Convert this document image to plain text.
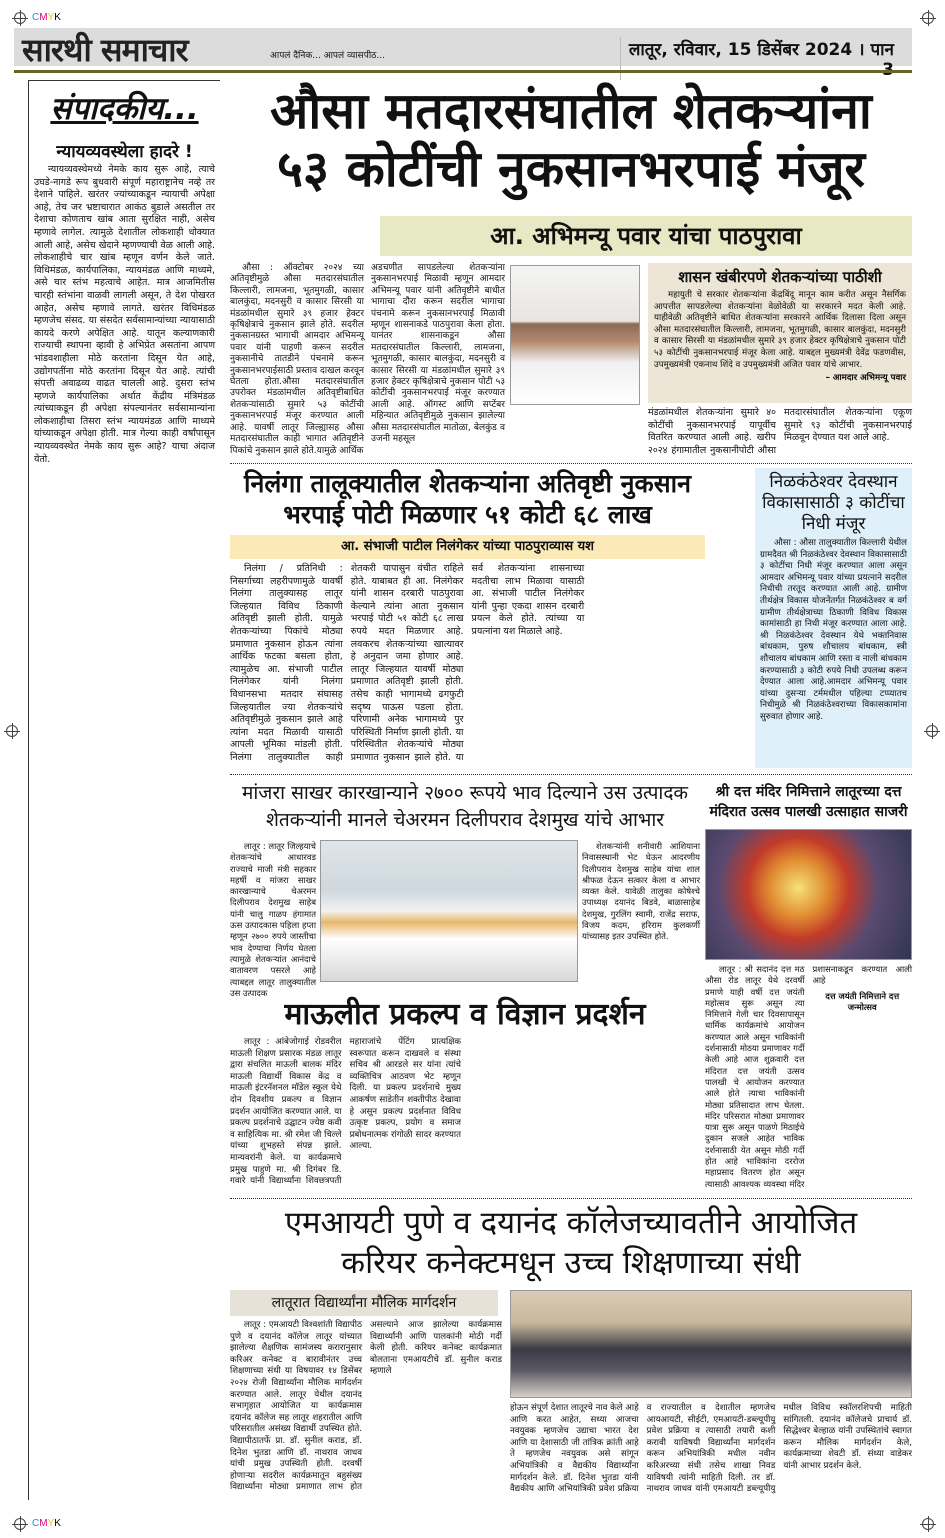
CMYK
CMYK
सारथी समाचार	आपलं दैनिक... आपलं व्यासपीठ...	लातूर, रविवार, 15 डिसेंबर 2024 । पान
संपादकीय...
न्यायव्यवस्थेला हादरे !

न्यायव्यवस्थेमध्ये नेमके काय सुरू आहे, त्याचे उघडे-नागडे रूप बुधवारी संपूर्ण महाराष्ट्रानेच नव्हे तर देशाने पाहिले. खरंतर ज्यांच्याकडून न्यायाची अपेक्षा आहे, तेच जर भ्रष्टाचारात आकंठ बुडाले असतील तर देशाचा कोणताच खांब आता सुरक्षित नाही, असेच म्हणावे लागेल. त्यामुळे देशातील लोकशाही धोक्यात आली आहे, असेच खेदाने म्हणण्याची वेळ आली आहे. लोकशाहीचे चार खांब म्हणून वर्णन केले जाते. विधिमंडळ, कार्यपालिका, न्यायमंडळ आणि माध्यमे, असे चार स्तंभ महत्वाचे आहेत. मात्र आजमितीस चारही स्तंभांना वाळवी लागली असून, ते देश पोखरत आहेत, असेच म्हणावे लागते. खरंतर विधिमंडळ म्हणजेच संसद. या संसदेत सर्वसामान्यांच्या न्यायासाठी कायदे करणे अपेक्षित आहे. यातून कल्याणकारी राज्याची स्थापना व्हावी हे अभिप्रेत असतांना आपण भांडवशाहीला मोठे करतांना दिसून येत आहे, उद्योगपतींना मोठे करतांना दिसून येत आहे. त्यांची संपत्ती अवाढव्य वाढत चालली आहे. दुसरा स्तंभ म्हणजे कार्यपालिका अर्थात केंद्रीय मंत्रिमंडळ त्यांच्याकडून ही अपेक्षा संपल्यानंतर सर्वसामान्यांना लोकशाहीचा तिसरा स्तंभ न्यायमंडळ आणि माध्यमे यांच्याकडून अपेक्षा होती. मात्र गेल्या काही वर्षांपासून न्यायव्यवस्थेत नेमके काय सुरू आहे? याचा अंदाज येतो.

औसा मतदारसंघातील शेतकऱ्यांना
५३ कोटींची नुकसानभरपाई मंजूर
आ. अभिमन्यू पवार यांचा पाठपुरावा
औसा : ऑक्टोबर २०२४ च्या अतिवृष्टीमुळे औसा मतदारसंघातील किल्लारी, लामजना, भूतमुगळी, कासार बालकुंदा, मदनसुरी व कासार सिरसी या मंडळांमधील सुमारे ३९ हजार हेक्टर कृषिक्षेत्राचे नुकसान झाले होते. सदरील नुकसानग्रस्त भागाची आमदार अभिमन्यू पवार यांनी पाहणी करून सदरील नुकसानीचे तातडीने पंचनामे करून नुकसानभरपाईसाठी प्रस्ताव दाखल करवून घेतला होता.औसा मतदारसंघातील उपरोक्त मंडळांमधील अतिवृष्टीबाधित शेतकऱ्यांसाठी सुमारे ५३ कोटींची नुकसानभरपाई मंजूर करण्यात आली आहे. यावर्षी लातूर जिल्ह्यासह औसा मतदारसंघातील काही भागात अतिवृष्टीने पिकांचे नुकसान झाले होते.यामुळे आर्थिक
अडचणीत सापडलेल्या शेतकऱ्यांना नुकसानभरपाई मिळावी म्हणून आमदार अभिमन्यू पवार यांनी अतिवृष्टीने बाधीत भागाचा दौरा करून सदरील भागाचा पंचनामे करून नुकसानभरपाई मिळावी म्हणून शासनाकडे पाठपुरावा केला होता. यानंतर शासनाकडून औसा मतदारसंघातील किल्लारी, लामजना, भूतमुगळी, कासार बालकुंदा, मदनसुरी व कासार सिरसी या मंडळांमधील सुमारे ३९ हजार हेक्टर कृषिक्षेत्राचे नुकसान पोटी ५३ कोटींची नुकसानभरपाई मंजूर करण्यात आली आहे. ऑगस्ट आणि सप्टेंबर महिन्यात अतिवृष्टीमुळे नुकसान झालेल्या औसा मतदारसंघातील मातोळा, बेलकुंड व उजनी महसूल
शासन खंबीरपणे शेतकऱ्यांच्या पाठीशी

महायुती चे सरकार शेतकऱ्यांना केंद्रबिंदू मानून काम करीत असून नैसर्गिक आपत्तीत सापडलेल्या शेतकऱ्यांना वेळोवेळी या सरकारने मदत केली आहे. याहीवेळी अतिवृष्टीने बाधित शेतकऱ्यांना सरकारने आर्थिक दिलासा दिला असून औसा मतदारसंघातील किल्लारी, लामजना, भूतमुगळी, कासार बालकुंदा, मदनसुरी व कासार सिरसी या मंडळांमधील सुमारे ३९ हजार हेक्टर कृषिक्षेत्राचे नुकसान पोटी ५३ कोटींची नुकसानभरपाई मंजूर केला आहे. याबद्दल मुख्यमंत्री देवेंद्र फडणवीस, उपमुख्यमंत्री एकनाथ शिंदे व उपमुख्यमंत्री अजित पवार यांचे आभार.

– आमदार अभिमन्यू पवार

मंडळांमधील शेतकऱ्यांना सुमारे ४० कोटींची नुकसानभरपाई यापूर्वीच वितरित करण्यात आली आहे. खरीप २०२४ हंगामातील नुकसानीपोटी औसा मतदारसंघातील शेतकऱ्यांना एकूण सुमारे ९३ कोटींची नुकसानभरपाई मिळवून देण्यात यश आले आहे.

निलंगा तालूक्यातील शेतकऱ्यांना अतिवृष्टी नुकसान
भरपाई पोटी मिळणार ५१ कोटी ६८ लाख
आ. संभाजी पाटील निलंगेकर यांच्या पाठपुराव्यास यश

निलंगा / प्रतिनिधी : निसर्गाच्या लहरीपणामुळे यावर्षी निलंगा तालुक्यासह लातूर जिल्हयात विविध ठिकाणी अतिवृष्टी झाली होती. यामुळे शेतकऱ्यांच्या पिकांचे मोठ्या प्रमाणात नुकसान होऊन त्यांना आर्थिक फटका बसला होता, त्यामुळेच आ. संभाजी पाटील निलंगेकर यांनी निलंगा विधानसभा मतदार संघासह जिल्हयातील ज्या शेतकऱ्यांचे अतिवृष्टीमुळे नुकसान झाले आहे त्यांना मदत मिळावी यासाठी आपली भूमिका मांडली होती. निलंगा तालुक्यातील काही शेतकरी यापासुन वंचीत राहिले होते. याबाबत ही आ. निलंगेकर यांनी शासन दरबारी पाठपुरावा केल्याने त्यांना आता नुकसान भरपाई पोटी ५१ कोटी ६८ लाख रुपये मदत मिळणार आहे. लवकरच शेतकऱ्यांच्या खात्यावर हे अनुदान जमा होणार आहे. लातूर जिल्हयात यावर्षी मोठ्या प्रमाणात अतिवृष्टी झाली होती. तसेच काही भागामध्ये ढगफुटी सदृष्य पाऊस पडला होता. परिणामी अनेक भागामध्ये पुर परिस्थिती निर्माण झाली होती. या परिस्थितीत शेतकऱ्यांचे मोठ्या प्रमाणात नुकसान झाले होते. या सर्व शेतकऱ्यांना शासनाच्या मदतीचा लाभ मिळावा यासाठी आ. संभाजी पाटील निलंगेकर यांनी पुन्हा एकदा शासन दरबारी प्रयत्न केले होते. त्यांच्या या प्रयत्नांना यश मिळाले आहे.

निळकंठेश्वर देवस्थान विकासासाठी ३ कोटींचा निधी मंजूर

औसा : औसा तालुक्यातील किल्लारी येथील ग्रामदैवत श्री निळकंठेश्वर देवस्थान विकासासाठी ३ कोटींचा निधी मंजूर करण्यात आला असून आमदार अभिमन्यू पवार यांच्या प्रयत्नाने सदरील निधीची तरतूद करण्यात आली आहे. ग्रामीण तीर्थक्षेत्र विकास योजनेंतर्गत निळकंठेश्वर ब वर्ग ग्रामीण तीर्थक्षेत्राच्या ठिकाणी विविध विकास कामांसाठी हा निधी मंजूर करण्यात आला आहे. श्री निळकंठेश्वर देवस्थान येथे भक्तनिवास बांधकाम, पुरुष शौचालय बांधकाम, स्त्री शौचालय बांधकाम आणि रस्ता व नाली बांधकाम करण्यासाठी ३ कोटी रुपये निधी उपलब्ध करून देण्यात आला आहे.आमदार अभिमन्यू पवार यांच्या दुसऱ्या टर्ममधील पहिल्या टप्प्यातच निधीमुळे श्री निळकंठेश्वराच्या विकासकामांना सुरुवात होणार आहे.

मांजरा साखर कारखान्याने २७०० रूपये भाव दिल्याने उस उत्पादक
शेतकऱ्यांनी मानले चेअरमन दिलीपराव देशमुख यांचे आभार

लातूर : लातूर जिल्हयाचे शेतकऱ्यांचे आधारवड राज्याचे माजी मंत्री सहकार महर्षी व मांजरा साखर कारखान्याचे चेअरमन दिलीपराव देशमुख साहेब यांनी चालु गाळप हंगामात ऊस उत्पादकास पहिला हप्ता म्हणून २७०० रुपये जास्तीचा भाव देण्याचा निर्णय घेतला त्यामुळे शेतकऱ्यांत आनंदाचे वातावरण पसरले आहे त्याबद्दल लातूर तालुक्यातील उस उत्पादक

शेतकऱ्यांनी शनीवारी आशियाना निवासस्थानी भेट घेऊन आदरणीय दिलीपराव देशमुख साहेब यांचा शाल श्रीफळ देऊन सत्कार केला व आभार व्यक्त केले. यावेळी तालुका कोषेश्चे उपाध्यक्ष दयानंद बिडवे, बाळासाहेब देशमुख, गुरलिंग स्वामी, राजेंद्र सराफ, विजय कदम, हरिराम कुलकर्णी यांच्यासह इतर उपस्थित होते.

श्री दत्त मंदिर निमित्ताने लातूरच्या दत्त मंदिरात उत्सव पालखी उत्साहात साजरी

लातूर : श्री सदानंद दत्त मठ औसा रोड लातूर येथे दरवर्षी प्रमाणे याही वर्षी दत्त जयंती महोत्सव सुरू असून त्या निमित्ताने गेली चार दिवसापासून धार्मिक कार्यक्रमांचे आयोजन करण्यात आले असून भाविकांनी दर्शनासाठी मोठया प्रमाणावर गर्दी केली आहे आज शुक्रवारी दत्त मंदिरात दत्त जयंती उत्सव पालखी चे आयोजन करण्यात आले होते त्याचा भाविकांनी मोठ्या प्रतिसादात लाभ घेतला. मंदिर परिसरात मोठ्या प्रमाणावर यात्रा सुरू असून पाळणे मिठाईचे दुकान सजले आहेत भाविक दर्शनासाठी येत असून मोठी गर्दी होत आहे भाविकांना दररोज महाप्रसाद वितरण होत असून त्यासाठी आवश्यक व्यवस्था मंदिर प्रशासनाकडून करण्यात आली आहे

दत्त जयंती निमित्ताने दत्त जन्मोत्सव
माऊलीत प्रकल्प व विज्ञान प्रदर्शन

लातूर : आंबेजोगाई रोडवरील माऊली शिक्षण प्रसारक मंडळ लातूर द्वारा संचलित माऊली बालक मंदिर माऊली विद्यार्थी विकास केंद्र व माऊली इंटरनॅशनल मॉडेल स्कूल येथे दोन दिवशीय प्रकल्प व विज्ञान प्रदर्शन आयोजित करण्यात आले. या प्रकल्प प्रदर्शनाचे उद्घाटन ज्येष्ठ कवी व साहित्यिक मा. श्री रमेश जी चिल्ले यांच्या शुभहस्ते संपन्न झाले. मान्यवरांनी केले. या कार्यक्रमाचे प्रमुख पाहुणे मा. श्री दिगंबर डि. गवारे यांनी विद्यार्थ्यांना शिवछत्रपती महाराजांचे पेंटिंग प्रात्यक्षिक स्वरूपात करून दाखवले व संस्था सचिव श्री आरडले सर यांना त्यांचे व्यक्तिचित्र आठवण भेट म्हणून दिली. या प्रकल्प प्रदर्शनाचे मुख्य आकर्षण साडेतीन शक्तीपीठ देखावा हे असून प्रकल्प प्रदर्शनात विविध उत्कृष्ट प्रकल्प, प्रयोग व समाज प्रबोधनात्मक रांगोळी सादर करण्यात आल्या.

एमआयटी पुणे व दयानंद कॉलेजच्यावतीने आयोजित
करियर कनेक्टमधून उच्च शिक्षणाच्या संधी
लातूरात विद्यार्थ्यांना मौलिक मार्गदर्शन

लातूर : एमआयटी विश्वशांती विद्यापीठ पुणे व दयानंद कॉलेज लातूर यांच्यात झालेल्या शैक्षणिक सामंजस्य करारानुसार करिअर कनेक्ट व बारावीनंतर उच्च शिक्षणाच्या संधी या विषयावर १४ डिसेंबर २०२४ रोजी विद्यार्थ्यांना मौलिक मार्गदर्शन करण्यात आले. लातूर येथील दयानंद सभागृहात आयोजित या कार्यक्रमास दयानंद कॉलेज सह लातूर शहरातील आणि परिसरातील असंख्य विद्यार्थी उपस्थित होते. विद्यापीठातर्फे प्रा. डॉ. सुनील कराड, डॉ. दिनेश भुतडा आणि डॉ. नाथराव जाधव यांची प्रमुख उपस्थिती होती. दरवर्षी होणाऱ्या सदरील कार्यक्रमातून बहुसंख्य विद्यार्थ्यांना मोठ्या प्रमाणात लाभ होत असल्याने आज झालेल्या कार्यक्रमास विद्यार्थ्यांनी आणि पालकांनी मोठी गर्दी केली होती. करियर कनेक्ट कार्यक्रमात बोलताना एमआयटीचे डॉ. सुनील कराड म्हणाले

होऊन संपूर्ण देशात लातूरचे नाव केले आहे आणि करत आहेत, सध्या आजचा नवयुवक म्हणजेच उद्याचा भारत देश आणि या देशासाठी जी तांत्रिक क्रांती आहे ते म्हणजेच नवयुवक असे सांगून अभियांत्रिकी व वैद्यकीय विद्यार्थ्यांना मार्गदर्शन केले. डॉ. दिनेश भुतडा यांनी वैद्यकीय आणि अभियांत्रिकी प्रवेश प्रक्रिया व राज्यातील व देशातील म्हणजेच आयआयटी, सीईटी, एमआयटी-डब्ल्यूपीयु प्रवेश प्रक्रिया व त्यासाठी तयारी कशी करावी याविषयी विद्यार्थ्यांना मार्गदर्शन करून अभियांत्रिकी मधील नवीन करिअरच्या संधी तसेच शाखा निवड याविषयी त्यांनी माहिती दिली. तर डॉ. नाथराव जाधव यांनी एमआयटी डब्ल्यूपीयु मधील विविध स्कॉलरशिपची माहिती सांगितली. दयानंद कॉलेजचे प्राचार्य डॉ. सिद्धेश्वर बेल्हाळ यांनी उपस्थितांचे स्वागत करून मौलिक मार्गदर्शन केले, कार्यक्रमाच्या शेवटी डॉ. संध्या वाडेकर यांनी आभार प्रदर्शन केले.
